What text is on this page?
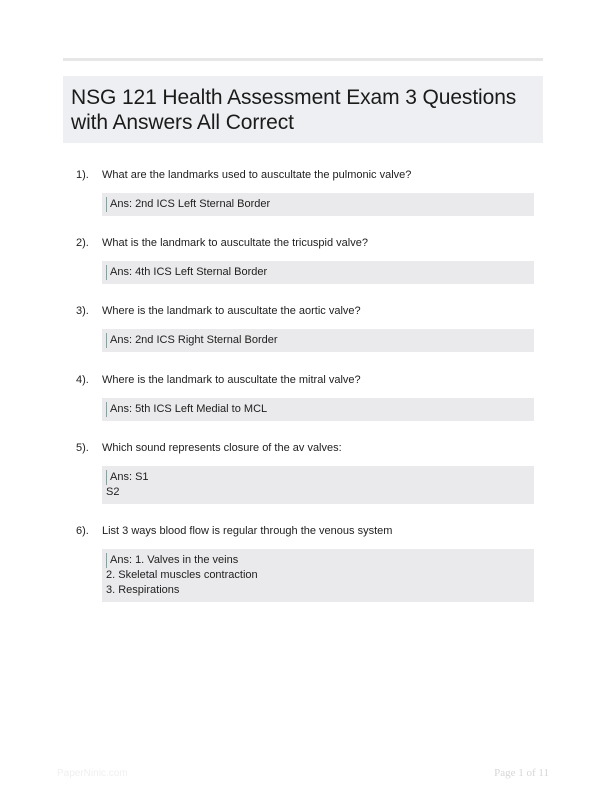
NSG 121 Health Assessment Exam 3 Questions with Answers All Correct
1). What are the landmarks used to auscultate the pulmonic valve?
Ans: 2nd ICS Left Sternal Border
2). What is the landmark to auscultate the tricuspid valve?
Ans: 4th ICS Left Sternal Border
3). Where is the landmark to auscultate the aortic valve?
Ans: 2nd ICS Right Sternal Border
4). Where is the landmark to auscultate the mitral valve?
Ans: 5th ICS Left Medial to MCL
5). Which sound represents closure of the av valves:
Ans: S1
S2
6). List 3 ways blood flow is regular through the venous system
Ans: 1. Valves in the veins
2. Skeletal muscles contraction
3. Respirations
PaperNinic.com	Page 1 of 11
